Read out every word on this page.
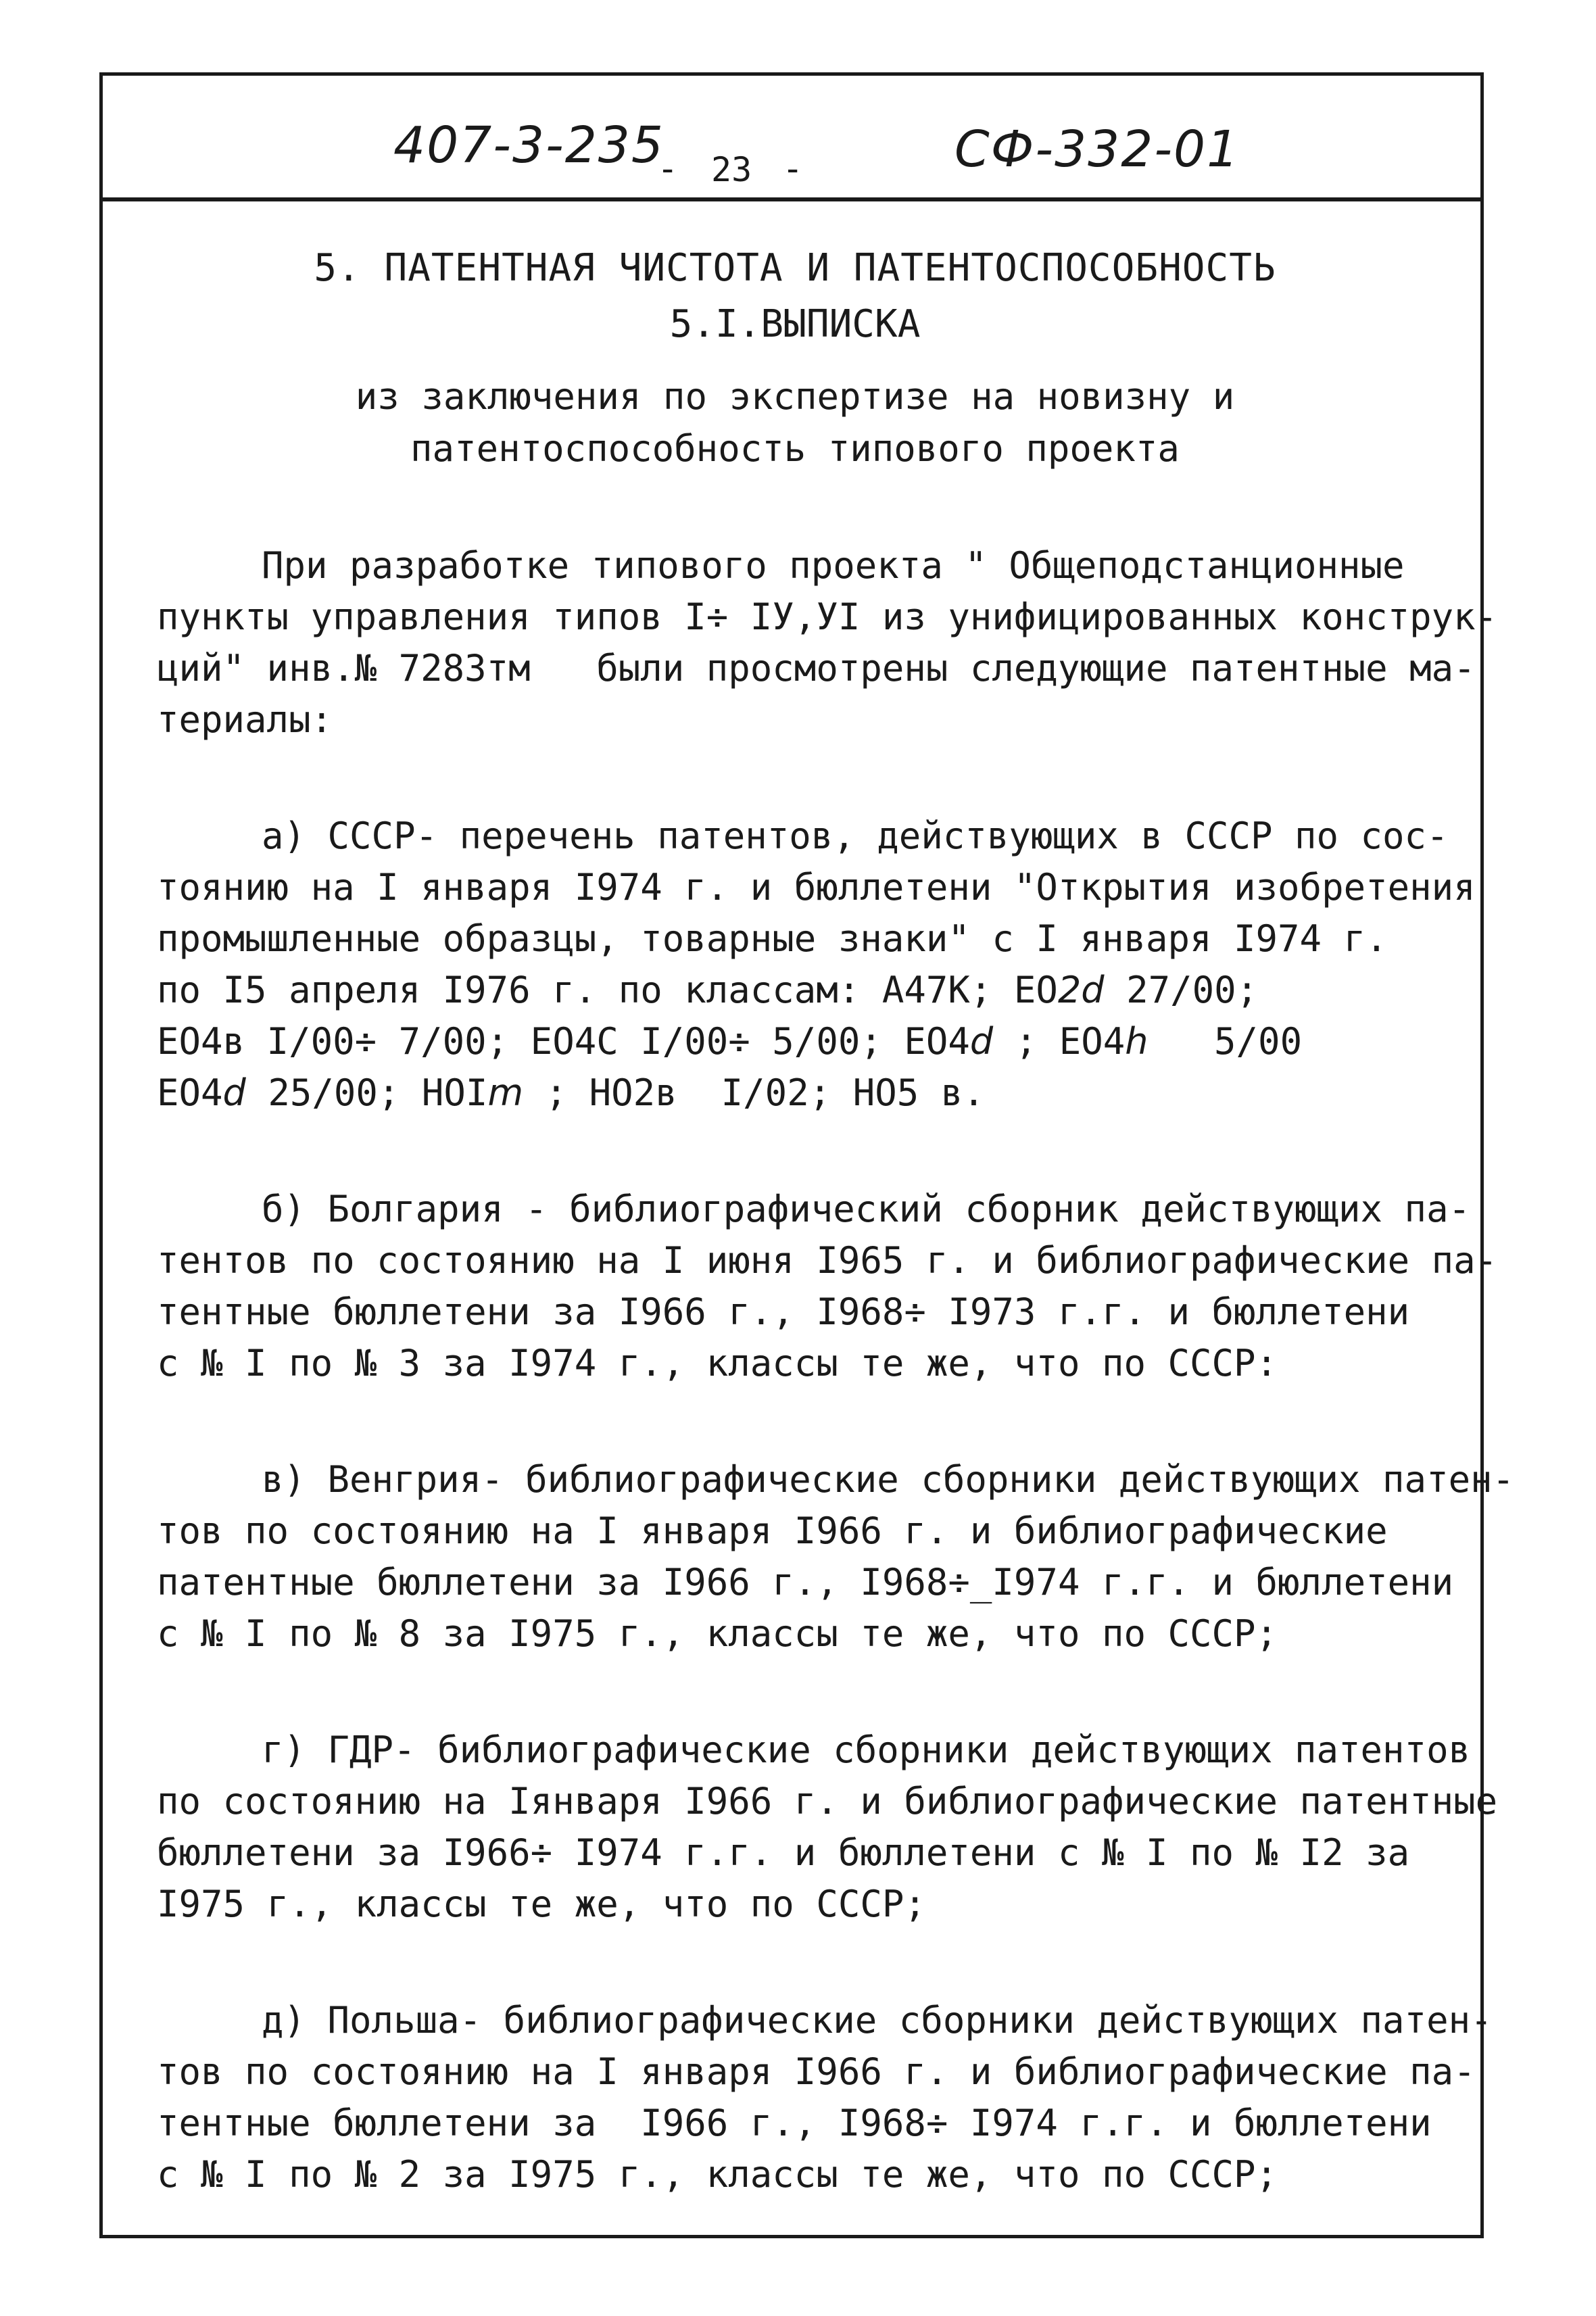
407-3-235
- 23 -	СФ-332-01
5. ПАТЕНТНАЯ ЧИСТОТА И ПАТЕНТОСПОСОБНОСТЬ
5.I.ВЫПИСКА
из заключения по экспертизе на новизну и
патентоспособность типового проекта
При разработке типового проекта " Общеподстанционные
пункты управления типов I÷ IУ,УI из унифицированных конструк-
ций" инв.№ 7283тм   были просмотрены следующие патентные ма-
териалы:
а) СССР- перечень патентов, действующих в СССР по сос-
тоянию на I января I974 г. и бюллетени "Открытия изобретения
промышленные образцы, товарные знаки" с I января I974 г.
по I5 апреля I976 г. по классам: А47К; ЕО2d 27/00;
ЕО4в I/00÷ 7/00; ЕО4С I/00÷ 5/00; ЕО4d ; ЕО4h   5/00
ЕО4d 25/00; НОIm ; НО2в  I/02; НО5 в.
б) Болгария - библиографический сборник действующих па-
тентов по состоянию на I июня I965 г. и библиографические па-
тентные бюллетени за I966 г., I968÷ I973 г.г. и бюллетени
с № I по № 3 за I974 г., классы те же, что по СССР:
в) Венгрия- библиографические сборники действующих патен-
тов по состоянию на I января I966 г. и библиографические
патентные бюллетени за I966 г., I968÷_I974 г.г. и бюллетени
с № I по № 8 за I975 г., классы те же, что по СССР;
г) ГДР- библиографические сборники действующих патентов
по состоянию на Iянваря I966 г. и библиографические патентные
бюллетени за I966÷ I974 г.г. и бюллетени с № I по № I2 за
I975 г., классы те же, что по СССР;
д) Польша- библиографические сборники действующих патен-
тов по состоянию на I января I966 г. и библиографические па-
тентные бюллетени за  I966 г., I968÷ I974 г.г. и бюллетени
с № I по № 2 за I975 г., классы те же, что по СССР;
